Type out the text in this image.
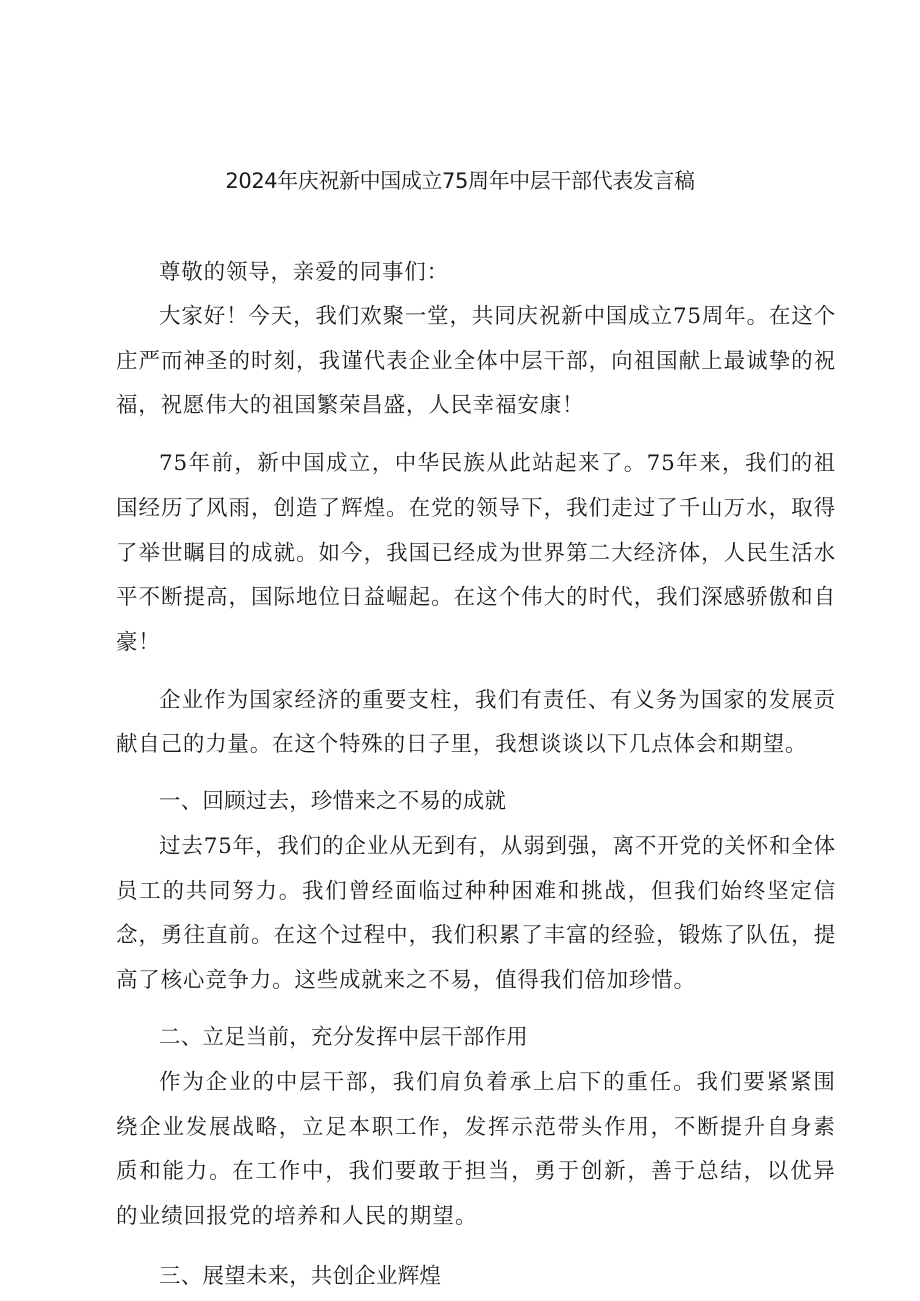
2024年庆祝新中国成立75周年中层干部代表发言稿

尊敬的领导，亲爱的同事们：

大家好！今天，我们欢聚一堂，共同庆祝新中国成立75周年。在这个庄严而神圣的时刻，我谨代表企业全体中层干部，向祖国献上最诚挚的祝福，祝愿伟大的祖国繁荣昌盛，人民幸福安康！

75年前，新中国成立，中华民族从此站起来了。75年来，我们的祖国经历了风雨，创造了辉煌。在党的领导下，我们走过了千山万水，取得了举世瞩目的成就。如今，我国已经成为世界第二大经济体，人民生活水平不断提高，国际地位日益崛起。在这个伟大的时代，我们深感骄傲和自豪！

企业作为国家经济的重要支柱，我们有责任、有义务为国家的发展贡献自己的力量。在这个特殊的日子里，我想谈谈以下几点体会和期望。

一、回顾过去，珍惜来之不易的成就

过去75年，我们的企业从无到有，从弱到强，离不开党的关怀和全体员工的共同努力。我们曾经面临过种种困难和挑战，但我们始终坚定信念，勇往直前。在这个过程中，我们积累了丰富的经验，锻炼了队伍，提高了核心竞争力。这些成就来之不易，值得我们倍加珍惜。

二、立足当前，充分发挥中层干部作用

作为企业的中层干部，我们肩负着承上启下的重任。我们要紧紧围绕企业发展战略，立足本职工作，发挥示范带头作用，不断提升自身素质和能力。在工作中，我们要敢于担当，勇于创新，善于总结，以优异的业绩回报党的培养和人民的期望。

三、展望未来，共创企业辉煌
